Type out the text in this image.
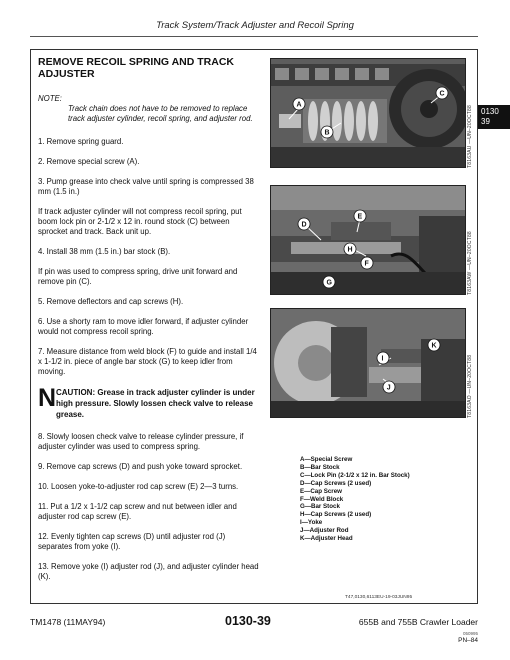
Track System/Track Adjuster and Recoil Spring
REMOVE RECOIL SPRING AND TRACK ADJUSTER
NOTE:
Track chain does not have to be removed to replace track adjuster cylinder, recoil spring, and adjuster rod.
1. Remove spring guard.
2. Remove special screw (A).
3. Pump grease into check valve until spring is compressed 38 mm (1.5 in.)
If track adjuster cylinder will not compress recoil spring, put boom lock pin or 2-1/2 x 12 in. round stock (C) between sprocket and track. Back unit up.
4. Install 38 mm (1.5 in.) bar stock (B).
If pin was used to compress spring, drive unit forward and remove pin (C).
5. Remove deflectors and cap screws (H).
6. Use a shorty ram to move idler forward, if adjuster cylinder would not compress recoil spring.
7. Measure distance from weld block (F) to guide and install 1/4 x 1-1/2 in. piece of angle bar stock (G) to keep idler from moving.
N CAUTION: Grease in track adjuster cylinder is under high pressure. Slowly lossen check valve to release grease.
8. Slowly loosen check valve to release cylinder pressure, if adjuster cylinder was used to compress spring.
9. Remove cap screws (D) and push yoke toward sprocket.
10. Loosen yoke-to-adjuster rod cap screw (E) 2—3 turns.
11. Put a 1/2 x 1-1/2 cap screw and nut between idler and adjuster rod cap screw (E).
12. Evenly tighten cap screws (D) until adjuster rod (J) separates from yoke (I).
13. Remove yoke (I) adjuster rod (J), and adjuster cylinder head (K).
A
B
C
T8163AU —UN–20OCT88
D
E
H
F
G	T8163AW —UN–20OCT88
K
I
J	T8163AO —UN–20OCT88
0130
39
A—Special Screw
B—Bar Stock
C—Lock Pin (2-1/2 x 12 in. Bar Stock)
D—Cap Screws (2 used)
E—Cap Screw
F—Weld Block
G—Bar Stock
H—Cap Screws (2 used)
I—Yoke
J—Adjuster Rod
K—Adjuster Head
T47,0130,6113EU-19-03JUN95
TM1478 (11MAY94)	0130-39	655B and 755B Crawler Loader
050995
PN–84
